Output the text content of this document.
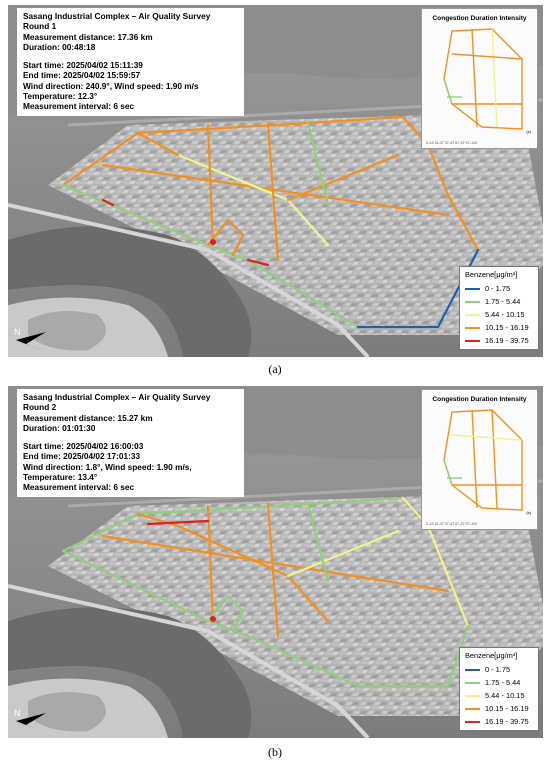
Sasang Industrial Complex – Air Quality Survey
Round 1
Measurement distance: 17.36 km
Duration: 00:48:18
Start time: 2025/04/02 15:11:39
End time: 2025/04/02 15:59:57
Wind direction: 240.9°, Wind speed: 1.90 m/s
Temperature: 12.3°
Measurement interval: 6 sec
Congestion Duration Intensity
(s)
0–15 15–37 37–67 67–97 97–100
Benzene[μg/m³]
0 - 1.75
1.75 - 5.44
5.44 - 10.15
10.15 - 16.19
16.19 - 39.75
N
(a)
Sasang Industrial Complex – Air Quality Survey
Round 2
Measurement distance: 15.27 km
Duration: 01:01:30
Start time: 2025/04/02 16:00:03
End time: 2025/04/02 17:01:33
Wind direction: 1.8°, Wind speed: 1.90 m/s,
Temperature: 13.4°
Measurement interval: 6 sec
Congestion Duration Intensity
(s)
0–15 15–37 37–67 67–97 97–100
Benzene[μg/m³]
0 - 1.75
1.75 - 5.44
5.44 - 10.15
10.15 - 16.19
16.19 - 39.75
N
(b)
